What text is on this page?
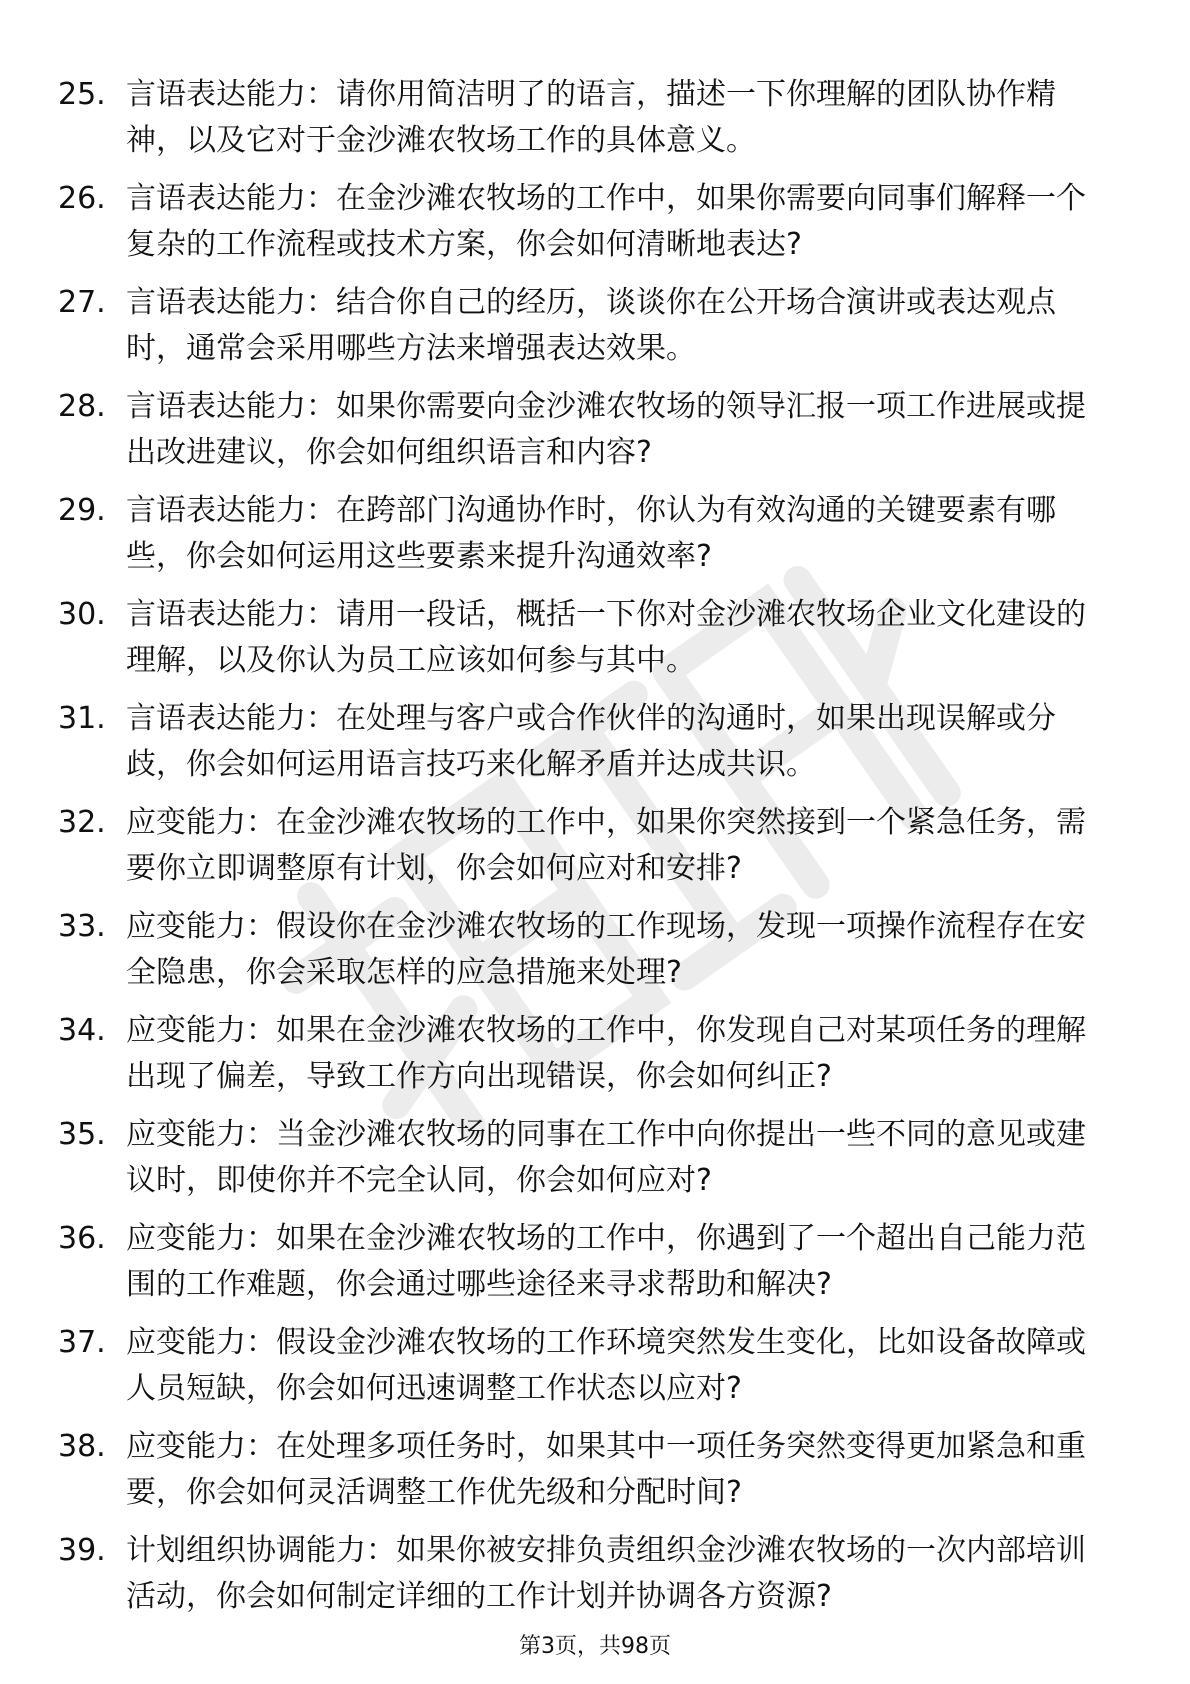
25. 言语表达能力：请你用简洁明了的语言，描述一下你理解的团队协作精神，以及它对于金沙滩农牧场工作的具体意义。
26. 言语表达能力：在金沙滩农牧场的工作中，如果你需要向同事们解释一个复杂的工作流程或技术方案，你会如何清晰地表达?
27. 言语表达能力：结合你自己的经历，谈谈你在公开场合演讲或表达观点时，通常会采用哪些方法来增强表达效果。
28. 言语表达能力：如果你需要向金沙滩农牧场的领导汇报一项工作进展或提出改进建议，你会如何组织语言和内容?
29. 言语表达能力：在跨部门沟通协作时，你认为有效沟通的关键要素有哪些，你会如何运用这些要素来提升沟通效率?
30. 言语表达能力：请用一段话，概括一下你对金沙滩农牧场企业文化建设的理解，以及你认为员工应该如何参与其中。
31. 言语表达能力：在处理与客户或合作伙伴的沟通时，如果出现误解或分歧，你会如何运用语言技巧来化解矛盾并达成共识。
32. 应变能力：在金沙滩农牧场的工作中，如果你突然接到一个紧急任务，需要你立即调整原有计划，你会如何应对和安排?
33. 应变能力：假设你在金沙滩农牧场的工作现场，发现一项操作流程存在安全隐患，你会采取怎样的应急措施来处理?
34. 应变能力：如果在金沙滩农牧场的工作中，你发现自己对某项任务的理解出现了偏差，导致工作方向出现错误，你会如何纠正?
35. 应变能力：当金沙滩农牧场的同事在工作中向你提出一些不同的意见或建议时，即使你并不完全认同，你会如何应对?
36. 应变能力：如果在金沙滩农牧场的工作中，你遇到了一个超出自己能力范围的工作难题，你会通过哪些途径来寻求帮助和解决?
37. 应变能力：假设金沙滩农牧场的工作环境突然发生变化，比如设备故障或人员短缺，你会如何迅速调整工作状态以应对?
38. 应变能力：在处理多项任务时，如果其中一项任务突然变得更加紧急和重要，你会如何灵活调整工作优先级和分配时间?
39. 计划组织协调能力：如果你被安排负责组织金沙滩农牧场的一次内部培训活动，你会如何制定详细的工作计划并协调各方资源?
第3页，共98页
